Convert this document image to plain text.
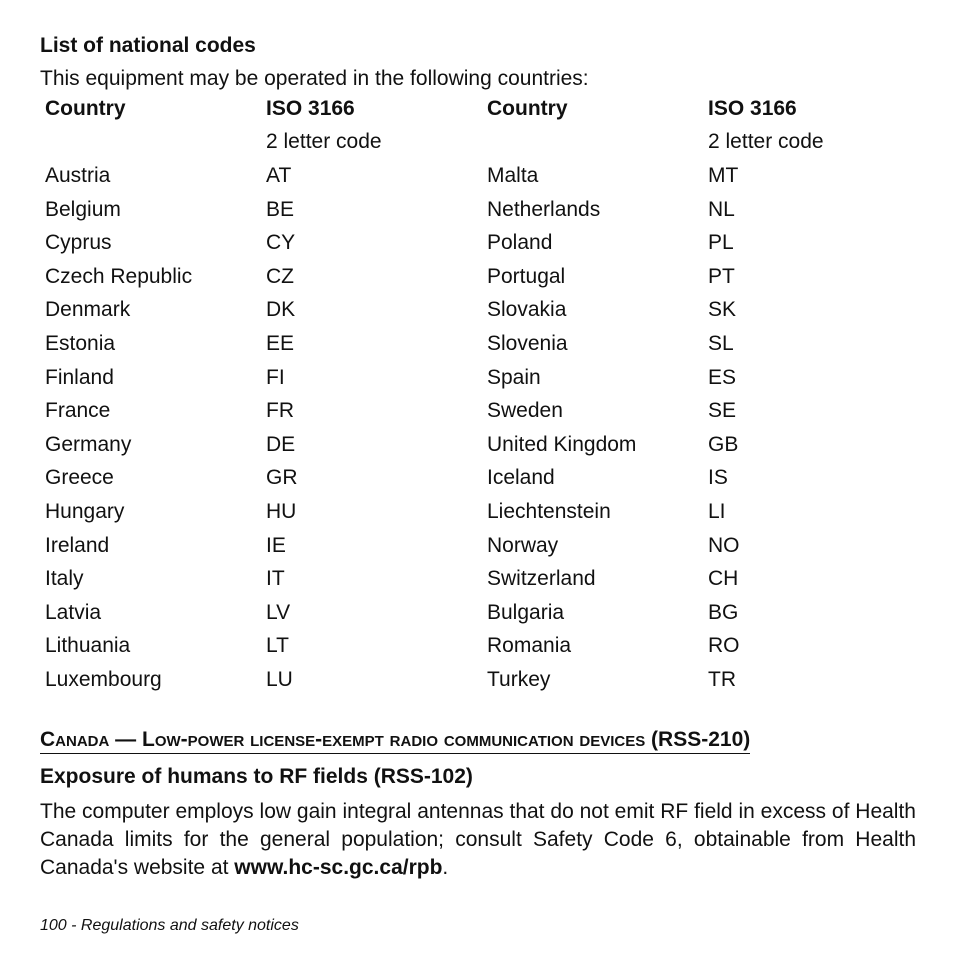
List of national codes
This equipment may be operated in the following countries:
Country	ISO 3166	Country	ISO 3166
	2 letter code		2 letter code
Austria	AT	Malta	MT
Belgium	BE	Netherlands	NL
Cyprus	CY	Poland	PL
Czech Republic	CZ	Portugal	PT
Denmark	DK	Slovakia	SK
Estonia	EE	Slovenia	SL
Finland	FI	Spain	ES
France	FR	Sweden	SE
Germany	DE	United Kingdom	GB
Greece	GR	Iceland	IS
Hungary	HU	Liechtenstein	LI
Ireland	IE	Norway	NO
Italy	IT	Switzerland	CH
Latvia	LV	Bulgaria	BG
Lithuania	LT	Romania	RO
Luxembourg	LU	Turkey	TR
Canada — Low-power license-exempt radio communication devices (RSS-210)
Exposure of humans to RF fields (RSS-102)
The computer employs low gain integral antennas that do not emit RF field in excess of Health Canada limits for the general population; consult Safety Code 6, obtainable from Health Canada's website at www.hc-sc.gc.ca/rpb.
100 - Regulations and safety notices
